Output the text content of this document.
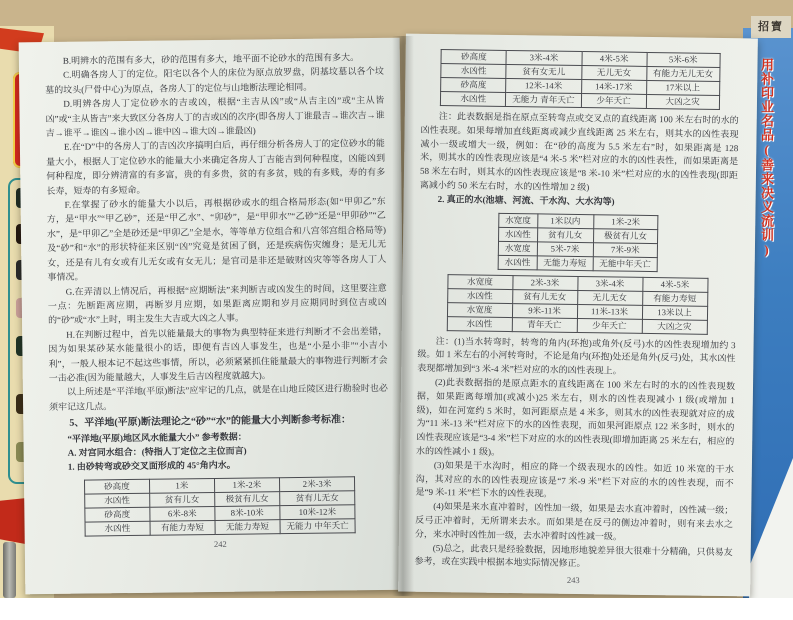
招寶
用补印业名品(善来决义流训)

B.明辨水的范围有多大，砂的范围有多大，地平面不论砂水的范围有多大。

C.明确各房人丁的定位。阳宅以各个人的床位为原点放罗盘，阴基坟墓以各个坟墓的坟头(尸骨中心)为原点，各房人丁的定位与山地断法理论相同。

D.明辨各房人丁定位砂水的吉或凶，根据“主吉从凶”或“从吉主凶”或“主从皆凶”或“主从皆吉”来大致区分各房人丁的吉或凶的次序(即各房人丁谁最吉→谁次吉→谁吉→谁平→谁凶→谁小凶→谁中凶→谁大凶→谁最凶)

E.在“D”中的各房人丁的吉凶次序搞明白后，再仔细分析各房人丁的定位砂水的能量大小，根据人丁定位砂水的能量大小来确定各房人丁吉能吉到何种程度，凶能凶到何种程度，即分辨清富的有多富，贵的有多贵，贫的有多贫，贱的有多贱，寿的有多长寿，短寿的有多短命。

F.在掌握了砂水的能量大小以后，再根据砂或水的组合格局形态(如“甲卯乙”东方，是“甲水”“甲乙砂”，还是“甲乙水”、“卯砂”，是“甲卯水”“乙砂”还是“甲卯砂”“乙水”，是“甲卯乙”全是砂还是“甲卯乙”全是水，等等单方位组合和八宫邻宫组合格局等)及“砂”和“水”的形状特征来区别“凶”究竟是贫困了倒，还是疾病伤灾缠身；是无儿无女，还是有儿有女或有儿无女或有女无儿；是官司是非还是破财凶灾等等各房人丁人事情况。

G.在弄清以上情况后，再根据“应期断法”来判断吉或凶发生的时间，这里要注意一点：先断距离应期，再断岁月应期，如果距离应期和岁月应期同时到位吉或凶的“砂”或“水”上时，明主发生大吉或大凶之人事。

H.在判断过程中，首先以能量最大的事物为典型特征来进行判断才不会出差错，因为如果某砂某水能量很小的话，即便有吉凶人事发生，也是“小是小非”“小吉小利”，一般人根本记不起这些事情，所以，必须紧紧抓住能量最大的事物进行判断才会一击必准(因为能量越大，人事发生后吉凶程度就越大)。

以上所述是“平洋地(平原)断法”应牢记的几点，就是在山地丘陵区进行勘验时也必须牢记这几点。

5、平洋地(平原)断法理论之“砂”“水”的能量大小判断参考标准：

“平洋地(平原)地区风水能量大小” 参考数据：

A. 对宫同水组合：(特指人丁定位之主位而言)

1. 由砂转弯或砂交叉面形成的 45°角内水。

砂高度	1米	1米-2米	2米-3米
水凶性	贫有儿女	极贫有儿女	贫有儿无女
砂高度	6米-8米	8米-10米	10米-12米
水凶性	有能力寿短	无能力寿短	无能力 中年夭亡
242
砂高度	3米-4米	4米-5米	5米-6米
水凶性	贫有女无儿	无儿无女	有能力无儿无女
砂高度	12米-14米	14米-17米	17米以上
水凶性	无能力 青年夭亡	少年夭亡	大凶之灾

注：此表数据是指在原点至转弯点或交叉点的直线距离 100 米左右时的水的凶性表现。如果每增加直线距离或减少直线距离 25 米左右，则其水的凶性表现减小一级或增大一级，例如：在“砂的高度为 5.5 米左右”时，如果距离是 128 米，则其水的凶性表现应该是“4 米-5 米”栏对应的水的凶性表性，而如果距离是 58 米左右时，则其水的凶性表现应该是“8 米-10 米”栏对应的水的凶性表现(即距离减小约 50 米左右时，水的凶性增加 2 级)

2. 真正的水(池塘、河流、干水沟、大水沟等)

水宽度	1米以内	1米-2米
水凶性	贫有儿女	极贫有儿女
水宽度	5米-7米	7米-9米
水凶性	无能力寿短	无能中年夭亡
水宽度	2米-3米	3米-4米	4米-5米
水凶性	贫有儿无女	无儿无女	有能力寿短
水宽度	9米-11米	11米-13米	13米以上
水凶性	青年夭亡	少年夭亡	大凶之灾

注：(1)当水转弯时，转弯的角内(环抱)或角外(反弓)水的凶性表现增加约 3 级。如 1 米左右的小河转弯时，不论是角内(环抱)处还是角外(反弓)处，其水凶性表现都增加到“3 米-4 米”栏对应的水的凶性表现上。

(2)此表数据指的是原点距水的直线距离在 100 米左右时的水的凶性表现数据，如果距离每增加(或减小)25 米左右，则水的凶性表现减小 1 级(或增加 1 级)，如在河宽约 5 米时，如河距原点是 4 米多，则其水的凶性表现就对应的成为“11 米-13 米”栏对应下的水的凶性表现，而如果河距原点 122 米多时，则水的凶性表现应该是“3-4 米”栏下对应的水的凶性表现(即增加距离 25 米左右，相应的水的凶性减小 1 级)。

(3)如果是干水沟时，相应的降一个级表现水的凶性。如近 10 米宽的干水沟，其对应的水的凶性表现应该是“7 米-9 米”栏下对应的水的凶性表现，而不是“9 米-11 米”栏下水的凶性表现。

(4)如果是来水直冲着时，凶性加一级，如果是去水直冲着时，凶性减一级；反弓正冲着时，无所谓来去水。而如果是在反弓的侧边冲着时，则有来去水之分，来水冲时凶性加一级，去水冲着时凶性减一级。

(5)总之，此表只是经验数据，因地形地貌差异很大很难十分精确，只供易友参考，或在实践中根据本地实际情况修正。

243
